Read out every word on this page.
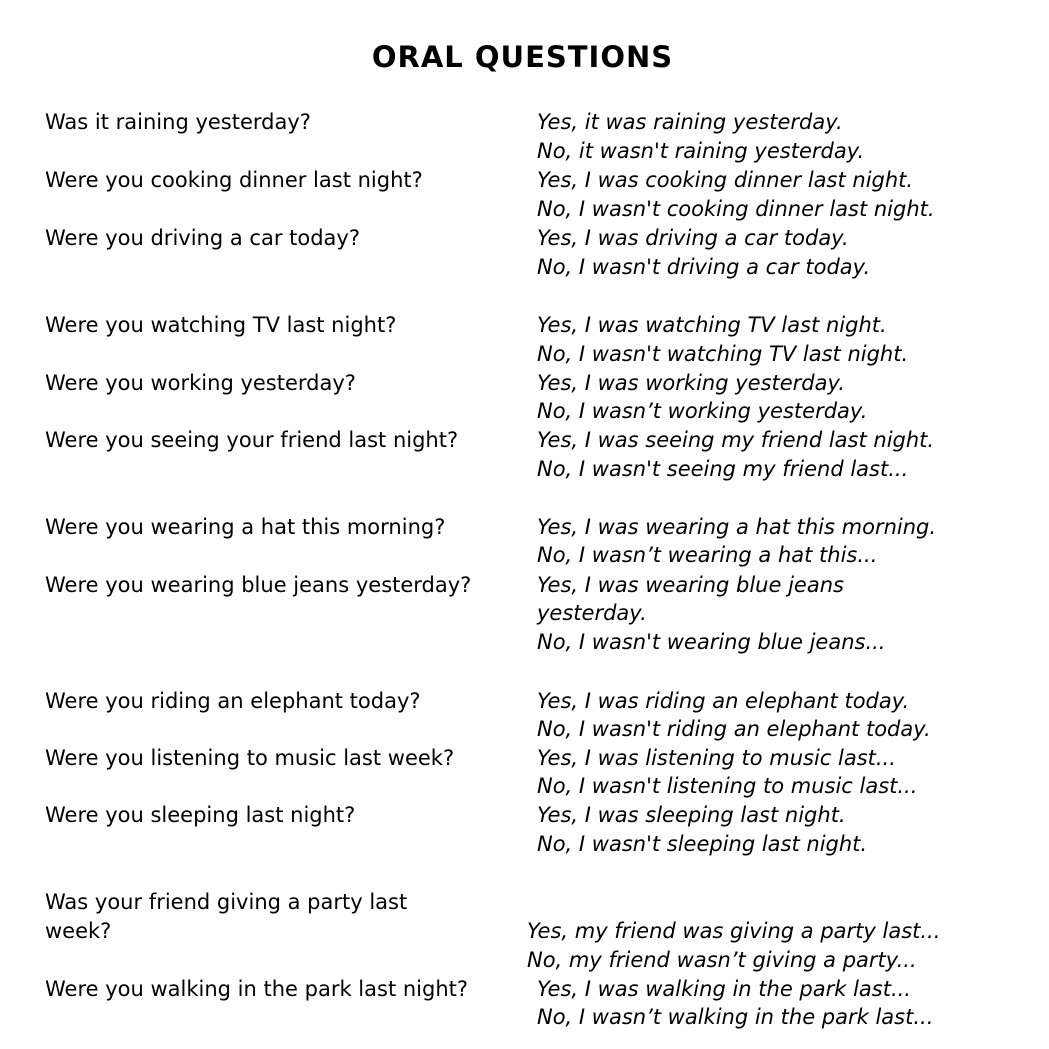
ORAL QUESTIONS
Was it raining yesterday?	Yes, it was raining yesterday.
No, it wasn't raining yesterday.
Were you cooking dinner last night?	Yes, I was cooking dinner last night.
No, I wasn't cooking dinner last night.
Were you driving a car today?	Yes, I was driving a car today.
No, I wasn't driving a car today.
Were you watching TV last night?	Yes, I was watching TV last night.
No, I wasn't watching TV last night.
Were you working yesterday?	Yes, I was working yesterday.
No, I wasn’t working yesterday.
Were you seeing your friend last night?	Yes, I was seeing my friend last night.
No, I wasn't seeing my friend last...
Were you wearing a hat this morning?	Yes, I was wearing a hat this morning.
No, I wasn’t wearing a hat this...
Were you wearing blue jeans yesterday?	Yes, I was wearing blue jeans
yesterday.
No, I wasn't wearing blue jeans...
Were you riding an elephant today?	Yes, I was riding an elephant today.
No, I wasn't riding an elephant today.
Were you listening to music last week?	Yes, I was listening to music last...
No, I wasn't listening to music last...
Were you sleeping last night?	Yes, I was sleeping last night.
No, I wasn't sleeping last night.
Was your friend giving a party last
week?	Yes, my friend was giving a party last...
No, my friend wasn’t giving a party...
Were you walking in the park last night?	Yes, I was walking in the park last...
No, I wasn’t walking in the park last...
